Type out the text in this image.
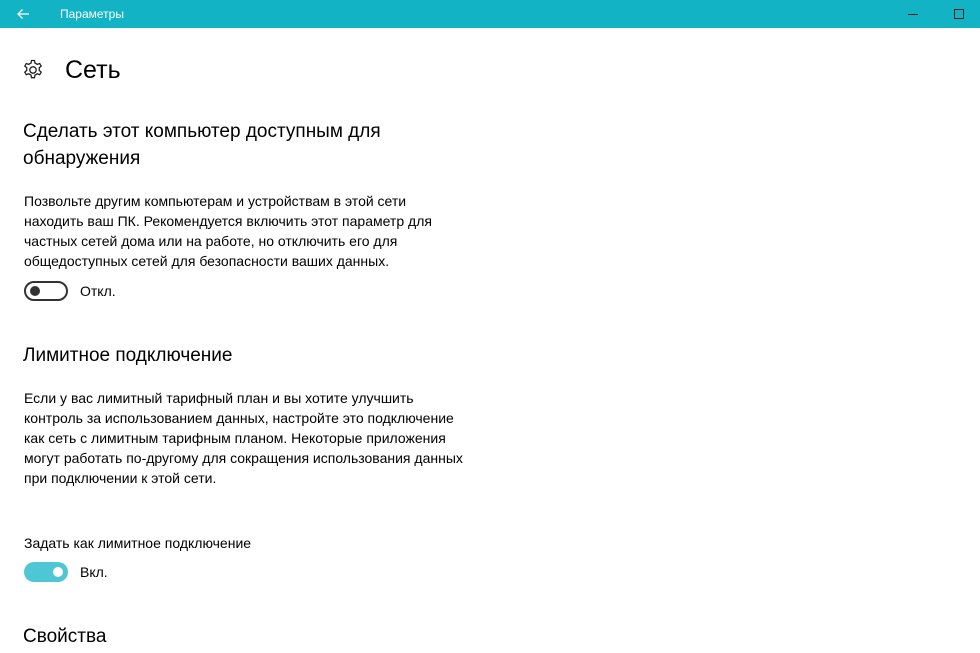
Параметры
Сеть
Сделать этот компьютер доступным для
обнаружения
Позвольте другим компьютерам и устройствам в этой сети находить ваш ПК. Рекомендуется включить этот параметр для частных сетей дома или на работе, но отключить его для общедоступных сетей для безопасности ваших данных.
Откл.
Лимитное подключение
Если у вас лимитный тарифный план и вы хотите улучшить контроль за использованием данных, настройте это подключение как сеть с лимитным тарифным планом. Некоторые приложения могут работать по-другому для сокращения использования данных при подключении к этой сети.
Задать как лимитное подключение
Вкл.
Свойства
